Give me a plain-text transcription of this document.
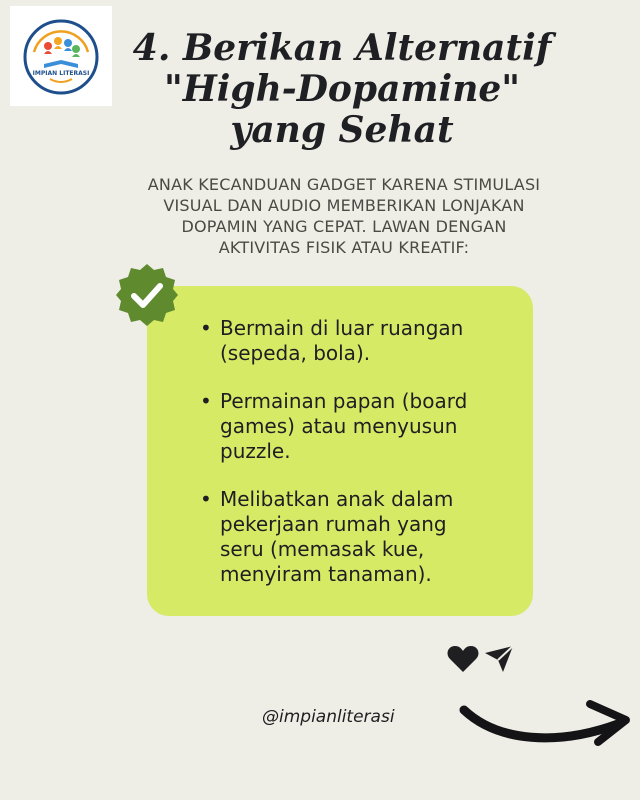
IMPIAN LITERASI
4. Berikan Alternatif
"High-Dopamine"
yang Sehat

ANAK KECANDUAN GADGET KARENA STIMULASI
VISUAL DAN AUDIO MEMBERIKAN LONJAKAN
DOPAMIN YANG CEPAT. LAWAN DENGAN
AKTIVITAS FISIK ATAU KREATIF:

• Bermain di luar ruangan
(sepeda, bola).
• Permainan papan (board
games) atau menyusun
puzzle.
• Melibatkan anak dalam
pekerjaan rumah yang
seru (memasak kue,
menyiram tanaman).
@impianliterasi
